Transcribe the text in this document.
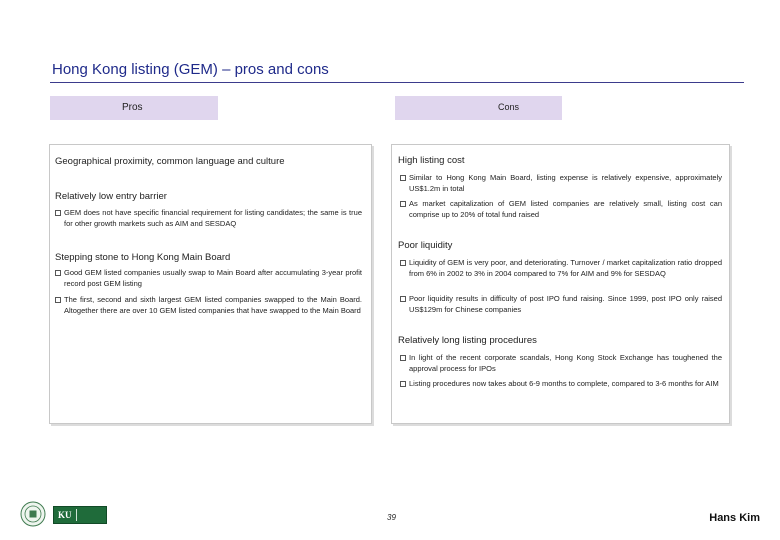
Hong Kong listing (GEM) – pros and cons
Pros	Cons
Geographical proximity, common language and culture
Relatively low entry barrier
GEM does not have specific financial requirement for listing candidates; the same is true for other growth markets such as AIM and SESDAQ
Stepping stone to Hong Kong Main Board
Good GEM listed companies usually swap to Main Board after accumulating 3-year profit record post GEM listing
The first, second and sixth largest GEM listed companies swapped to the Main Board. Altogether there are over 10 GEM listed companies that have swapped to the Main Board
High listing cost
Similar to Hong Kong Main Board, listing expense is relatively expensive, approximately US$1.2m in total
As market capitalization of GEM listed companies are relatively small, listing cost can comprise up to 20% of total fund raised
Poor liquidity
Liquidity of GEM is very poor, and deteriorating. Turnover / market capitalization ratio dropped from 6% in 2002 to 3% in 2004 compared to 7% for AIM and 9% for SESDAQ
Poor liquidity results in difficulty of post IPO fund raising. Since 1999, post IPO only raised US$129m for Chinese companies
Relatively long listing procedures
In light of the recent corporate scandals, Hong Kong Stock Exchange has toughened the approval process for IPOs
Listing procedures now takes about 6-9 months to complete, compared to 3-6 months for AIM
KU	39	Hans Kim
